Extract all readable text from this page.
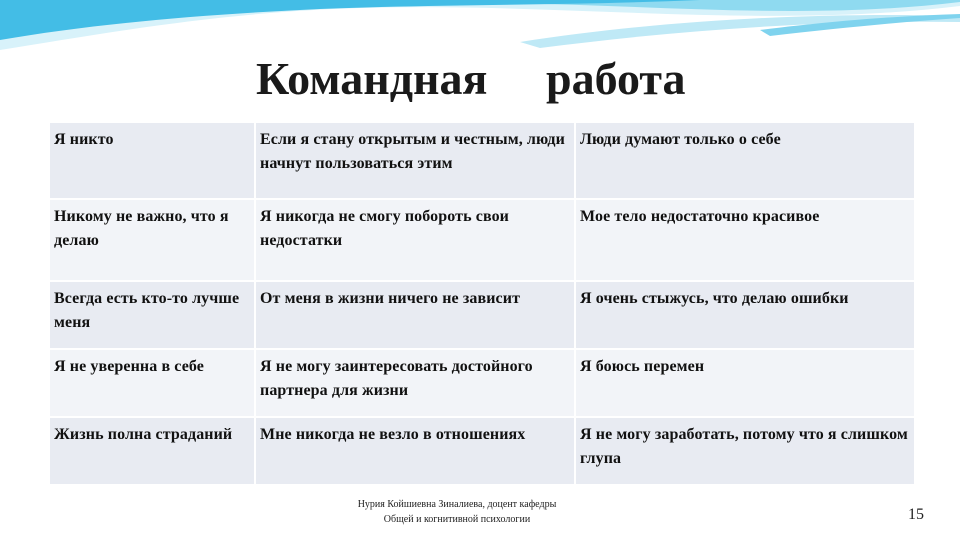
Командная работа
Я никто	Если я стану открытым и честным, люди начнут пользоваться этим	Люди думают только о себе
Никому не важно, что я делаю	Я никогда не смогу побороть свои недостатки	Мое тело недостаточно красивое
Всегда есть кто-то лучше меня	От меня в жизни ничего не зависит	Я очень стыжусь, что делаю ошибки
Я не уверенна в себе	Я не могу заинтересовать достойного партнера для жизни	Я боюсь перемен
Жизнь полна страданий	Мне никогда не везло в отношениях	Я не могу заработать, потому что я слишком глупа
Нурия Койшиевна Зиналиева, доцент кафедры
Общей и когнитивной психологии	15
